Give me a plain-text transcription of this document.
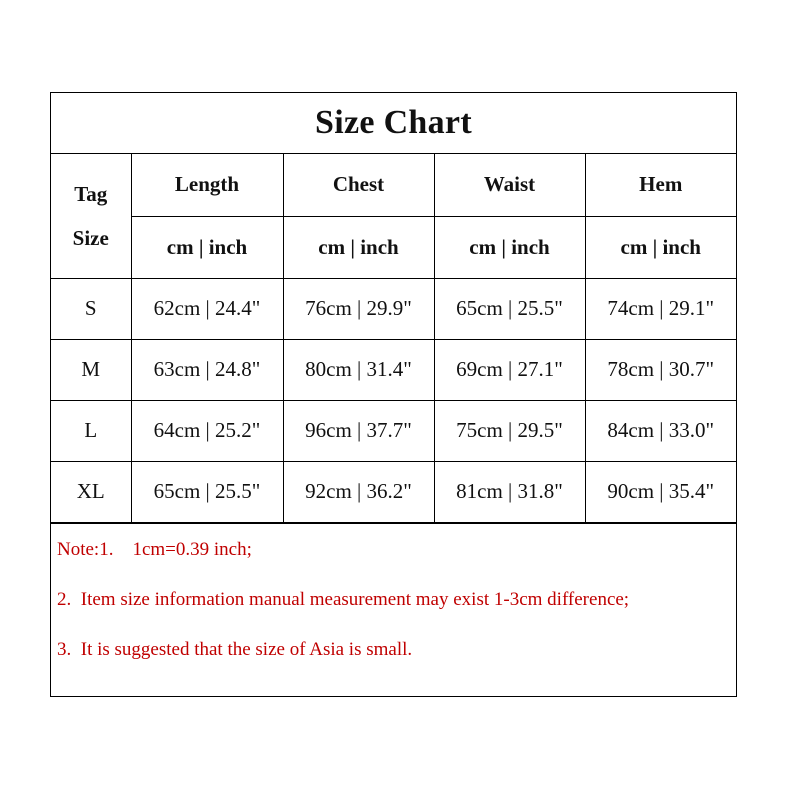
Size Chart
Tag
Size	Length	Chest	Waist	Hem
	cm | inch	cm | inch	cm | inch	cm | inch
S	62cm | 24.4"	76cm | 29.9"	65cm | 25.5"	74cm | 29.1"
M	63cm | 24.8"	80cm | 31.4"	69cm | 27.1"	78cm | 30.7"
L	64cm | 25.2"	96cm | 37.7"	75cm | 29.5"	84cm | 33.0"
XL	65cm | 25.5"	92cm | 36.2"	81cm | 31.8"	90cm | 35.4"
Note:1.    1cm=0.39 inch;
2.  Item size information manual measurement may exist 1-3cm difference;
3.  It is suggested that the size of Asia is small.
